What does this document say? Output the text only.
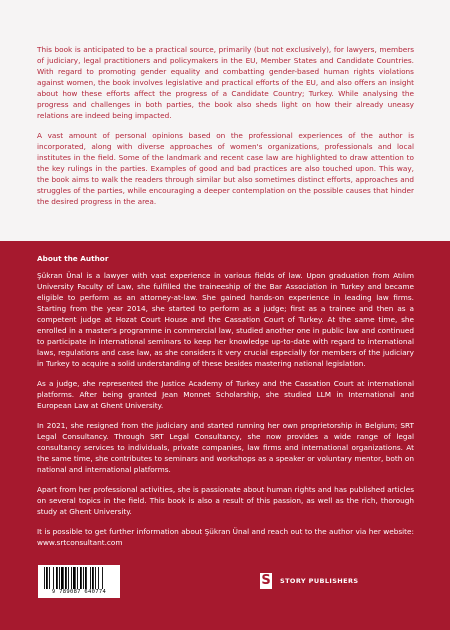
This book is anticipated to be a practical source, primarily (but not exclusively), for lawyers, members of judiciary, legal practitioners and policymakers in the EU, Member States and Candidate Countries. With regard to promoting gender equality and combatting gender-based human rights violations against women, the book involves legislative and practical efforts of the EU, and also offers an insight about how these efforts affect the progress of a Candidate Country; Turkey. While analysing the progress and challenges in both parties, the book also sheds light on how their already uneasy relations are indeed being impacted.

A vast amount of personal opinions based on the professional experiences of the author is incorporated, along with diverse approaches of women's organizations, professionals and local institutes in the field. Some of the landmark and recent case law are highlighted to draw attention to the key rulings in the parties. Examples of good and bad practices are also touched upon. This way, the book aims to walk the readers through similar but also sometimes distinct efforts, approaches and struggles of the parties, while encouraging a deeper contemplation on the possible causes that hinder the desired progress in the area.

About the Author

Şükran Ünal is a lawyer with vast experience in various fields of law. Upon graduation from Atılım University Faculty of Law, she fulfilled the traineeship of the Bar Association in Turkey and became eligible to perform as an attorney-at-law. She gained hands-on experience in leading law firms. Starting from the year 2014, she started to perform as a judge; first as a trainee and then as a competent judge at Hozat Court House and the Cassation Court of Turkey. At the same time, she enrolled in a master's programme in commercial law, studied another one in public law and continued to participate in international seminars to keep her knowledge up-to-date with regard to international laws, regulations and case law, as she considers it very crucial especially for members of the judiciary in Turkey to acquire a solid understanding of these besides mastering national legislation.

As a judge, she represented the Justice Academy of Turkey and the Cassation Court at international platforms. After being granted Jean Monnet Scholarship, she studied LLM in International and European Law at Ghent University.

In 2021, she resigned from the judiciary and started running her own proprietorship in Belgium; SRT Legal Consultancy. Through SRT Legal Consultancy, she now provides a wide range of legal consultancy services to individuals, private companies, law firms and international organizations. At the same time, she contributes to seminars and workshops as a speaker or voluntary mentor, both on national and international platforms.

Apart from her professional activities, she is passionate about human rights and has published articles on several topics in the field. This book is also a result of this passion, as well as the rich, thorough study at Ghent University.

It is possible to get further information about Şükran Ünal and reach out to the author via her website: www.srtconsultant.com

9 789087 640774
S STORY PUBLISHERS
